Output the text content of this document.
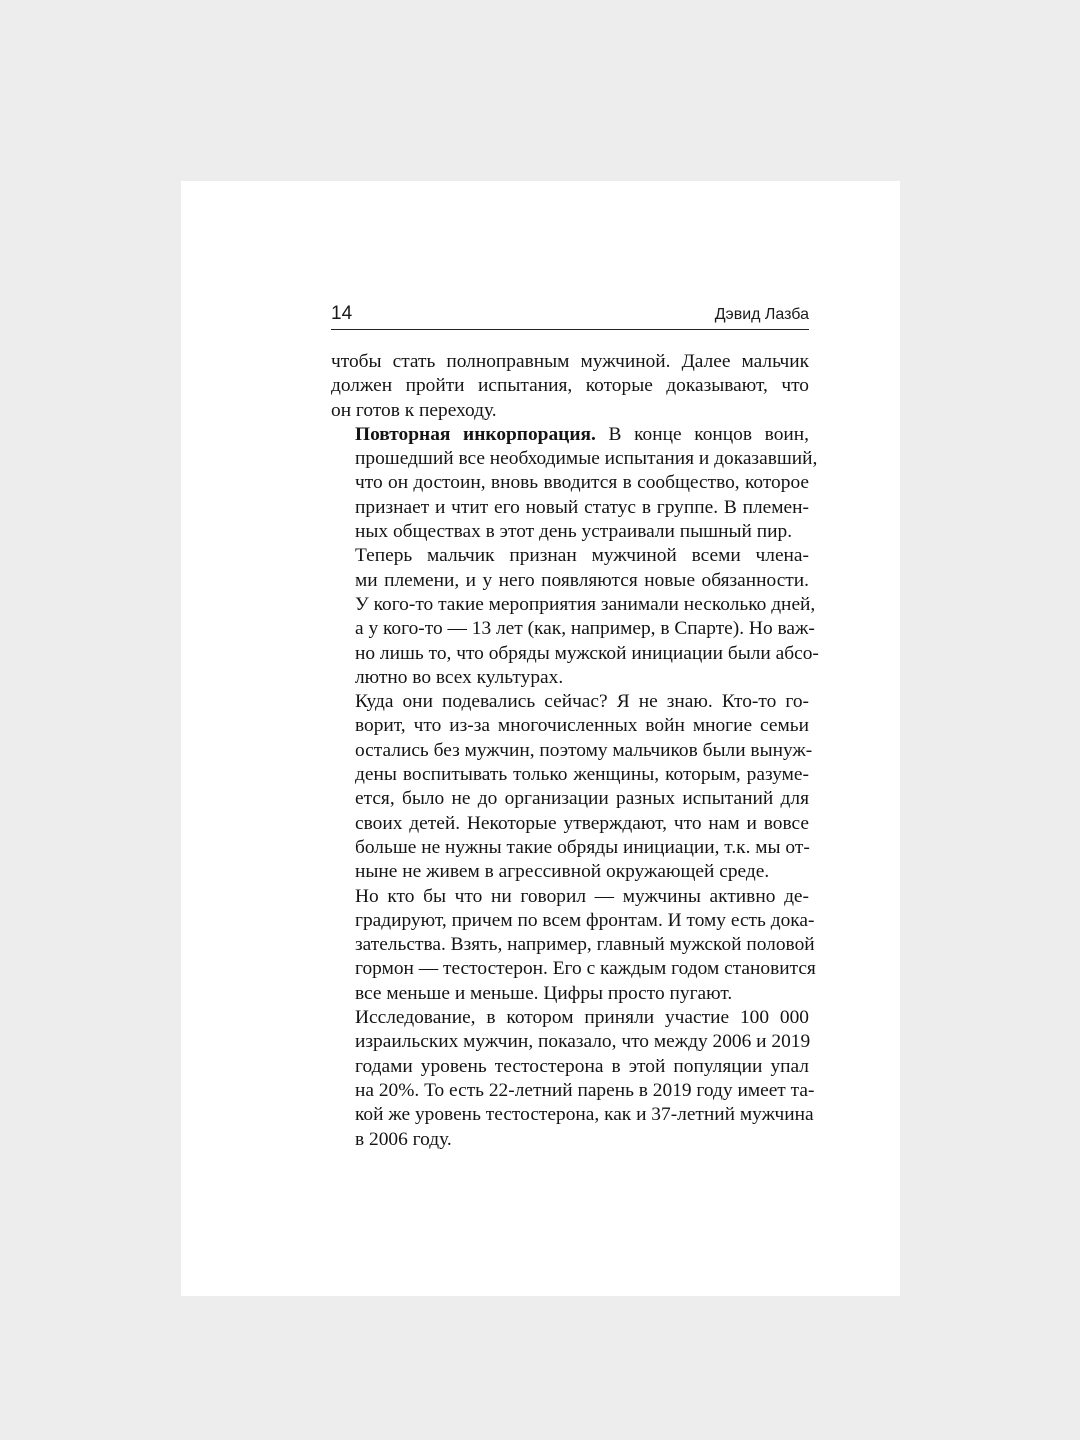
14	Дэвид Лазба

чтобы стать полноправным мужчиной. Далее мальчик
должен пройти испытания, которые доказывают, что
он готов к переходу.

Повторная инкорпорация. В конце концов воин,
прошедший все необходимые испытания и доказавший,
что он достоин, вновь вводится в сообщество, которое
признает и чтит его новый статус в группе. В племен-
ных обществах в этот день устраивали пышный пир.

Теперь мальчик признан мужчиной всеми члена-
ми племени, и у него появляются новые обязанности.
У кого-то такие мероприятия занимали несколько дней,
а у кого-то — 13 лет (как, например, в Спарте). Но важ-
но лишь то, что обряды мужской инициации были абсо-
лютно во всех культурах.

Куда они подевались сейчас? Я не знаю. Кто-то го-
ворит, что из-за многочисленных войн многие семьи
остались без мужчин, поэтому мальчиков были вынуж-
дены воспитывать только женщины, которым, разуме-
ется, было не до организации разных испытаний для
своих детей. Некоторые утверждают, что нам и вовсе
больше не нужны такие обряды инициации, т.к. мы от-
ныне не живем в агрессивной окружающей среде.

Но кто бы что ни говорил — мужчины активно де-
градируют, причем по всем фронтам. И тому есть дока-
зательства. Взять, например, главный мужской половой
гормон — тестостерон. Его с каждым годом становится
все меньше и меньше. Цифры просто пугают.

Исследование, в котором приняли участие 100 000
израильских мужчин, показало, что между 2006 и 2019
годами уровень тестостерона в этой популяции упал
на 20%. То есть 22-летний парень в 2019 году имеет та-
кой же уровень тестостерона, как и 37-летний мужчина
в 2006 году.
